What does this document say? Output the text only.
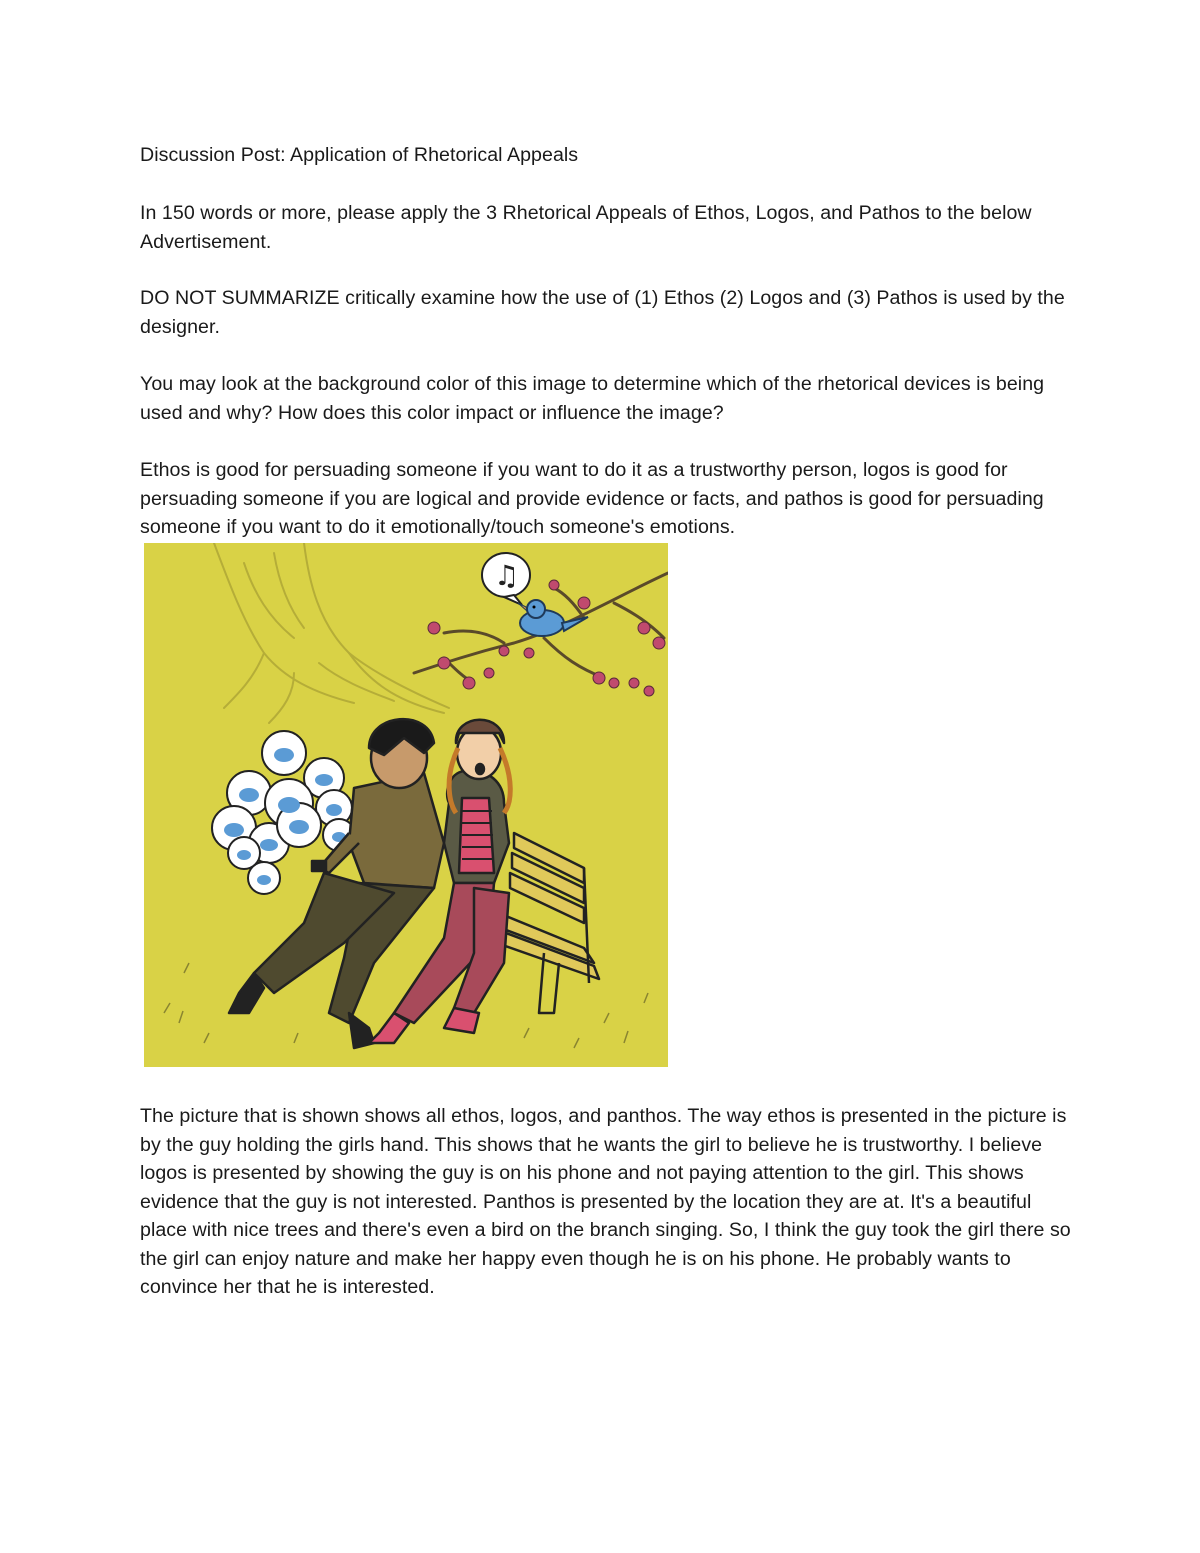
Discussion Post: Application of Rhetorical Appeals

In 150 words or more, please apply the 3 Rhetorical Appeals of Ethos, Logos, and Pathos to the below Advertisement.

DO NOT SUMMARIZE critically examine how the use of (1) Ethos (2) Logos and (3) Pathos is used by the designer.

You may look at the background color of this image to determine which of the rhetorical devices is being used and why? How does this color impact or influence the image?

Ethos is good for persuading someone if you want to do it as a trustworthy person, logos is good for persuading someone if you are logical and provide evidence or facts, and pathos is good for persuading someone if you want to do it emotionally/touch someone's emotions.

♫

The picture that is shown shows all ethos, logos, and panthos. The way ethos is presented in the picture is by the guy holding the girls hand. This shows that he wants the girl to believe he is trustworthy. I believe logos is presented by showing the guy is on his phone and not paying attention to the girl. This shows evidence that the guy is not interested. Panthos is presented by the location they are at. It's a beautiful place with nice trees and there's even a bird on the branch singing. So, I think the guy took the girl there so the girl can enjoy nature and make her happy even though he is on his phone. He probably wants to convince her that he is interested.
